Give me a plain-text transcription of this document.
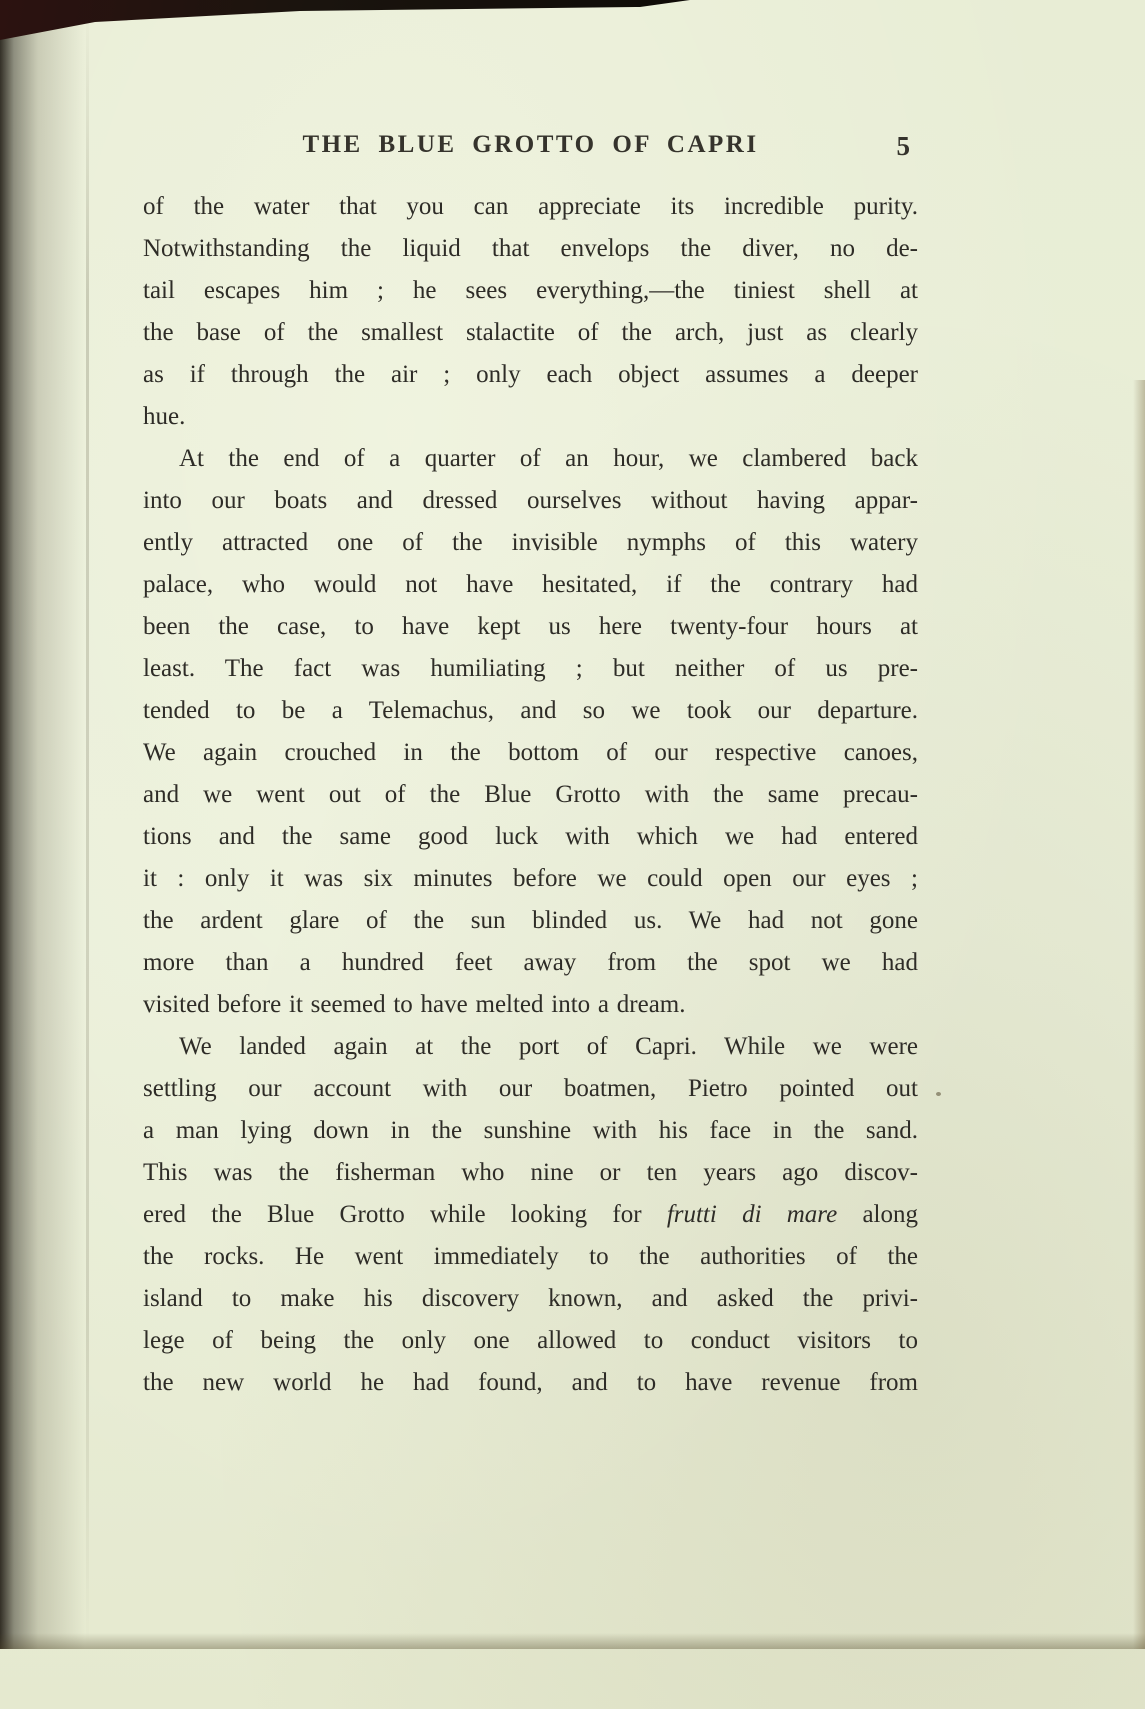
THE BLUE GROTTO OF CAPRI	5
of the water that you can appreciate its incredible purity.
Notwithstanding the liquid that envelops the diver, no de-
tail escapes him ; he sees everything,—the tiniest shell at
the base of the smallest stalactite of the arch, just as clearly
as if through the air ; only each object assumes a deeper
hue.
At the end of a quarter of an hour, we clambered back
into our boats and dressed ourselves without having appar-
ently attracted one of the invisible nymphs of this watery
palace, who would not have hesitated, if the contrary had
been the case, to have kept us here twenty-four hours at
least. The fact was humiliating ; but neither of us pre-
tended to be a Telemachus, and so we took our departure.
We again crouched in the bottom of our respective canoes,
and we went out of the Blue Grotto with the same precau-
tions and the same good luck with which we had entered
it : only it was six minutes before we could open our eyes ;
the ardent glare of the sun blinded us. We had not gone
more than a hundred feet away from the spot we had
visited before it seemed to have melted into a dream.
We landed again at the port of Capri. While we were
settling our account with our boatmen, Pietro pointed out
a man lying down in the sunshine with his face in the sand.
This was the fisherman who nine or ten years ago discov-
ered the Blue Grotto while looking for frutti di mare along
the rocks. He went immediately to the authorities of the
island to make his discovery known, and asked the privi-
lege of being the only one allowed to conduct visitors to
the new world he had found, and to have revenue from
